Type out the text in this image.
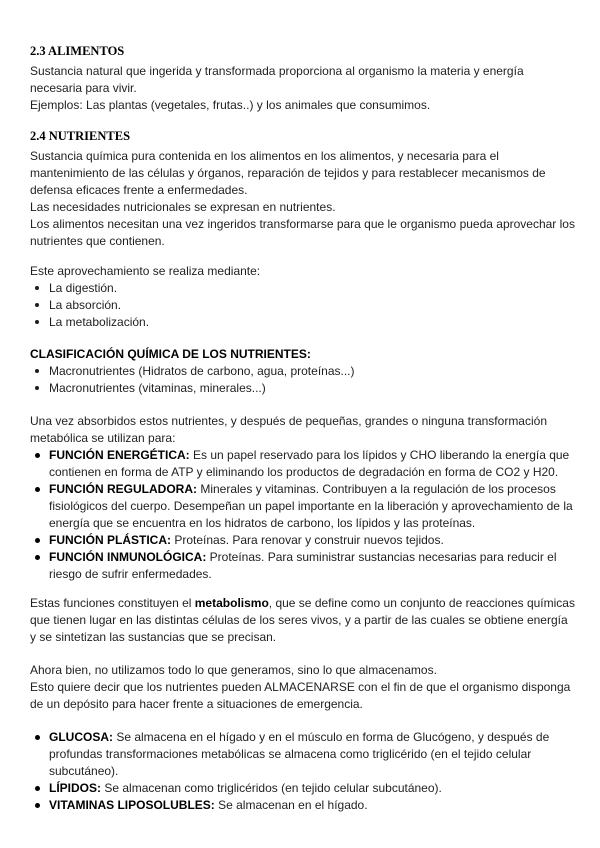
2.3 ALIMENTOS

Sustancia natural que ingerida y transformada proporciona al organismo la materia y energía necesaria para vivir.

Ejemplos: Las plantas (vegetales, frutas..) y los animales que consumimos.

2.4 NUTRIENTES

Sustancia química pura contenida en los alimentos en los alimentos, y necesaria para el mantenimiento de las células y órganos, reparación de tejidos y para restablecer mecanismos de defensa eficaces frente a enfermedades.

Las necesidades nutricionales se expresan en nutrientes.

Los alimentos necesitan una vez ingeridos transformarse para que le organismo pueda aprovechar los nutrientes que contienen.

Este aprovechamiento se realiza mediante:

La digestión.
La absorción.
La metabolización.
CLASIFICACIÓN QUÍMICA DE LOS NUTRIENTES:
Macronutrientes (Hidratos de carbono, agua, proteínas...)
Macronutrientes (vitaminas, minerales...)

Una vez absorbidos estos nutrientes, y después de pequeñas, grandes o ninguna transformación metabólica se utilizan para:

FUNCIÓN ENERGÉTICA: Es un papel reservado para los lípidos y CHO liberando la energía que contienen en forma de ATP y eliminando los productos de degradación en forma de CO2 y H20.
FUNCIÓN REGULADORA: Minerales y vitaminas. Contribuyen a la regulación de los procesos fisiológicos del cuerpo. Desempeñan un papel importante en la liberación y aprovechamiento de la energía que se encuentra en los hidratos de carbono, los lípidos y las proteínas.
FUNCIÓN PLÁSTICA: Proteínas. Para renovar y construir nuevos tejidos.
FUNCIÓN INMUNOLÓGICA: Proteínas. Para suministrar sustancias necesarias para reducir el riesgo de sufrir enfermedades.

Estas funciones constituyen el metabolismo, que se define como un conjunto de reacciones químicas que tienen lugar en las distintas células de los seres vivos, y a partir de las cuales se obtiene energía y se sintetizan las sustancias que se precisan.

Ahora bien, no utilizamos todo lo que generamos, sino lo que almacenamos.

Esto quiere decir que los nutrientes pueden ALMACENARSE con el fin de que el organismo disponga de un depósito para hacer frente a situaciones de emergencia.

GLUCOSA: Se almacena en el hígado y en el músculo en forma de Glucógeno, y después de profundas transformaciones metabólicas se almacena como triglicérido (en el tejido celular subcutáneo).
LÍPIDOS: Se almacenan como triglicéridos (en tejido celular subcutáneo).
VITAMINAS LIPOSOLUBLES: Se almacenan en el hígado.
